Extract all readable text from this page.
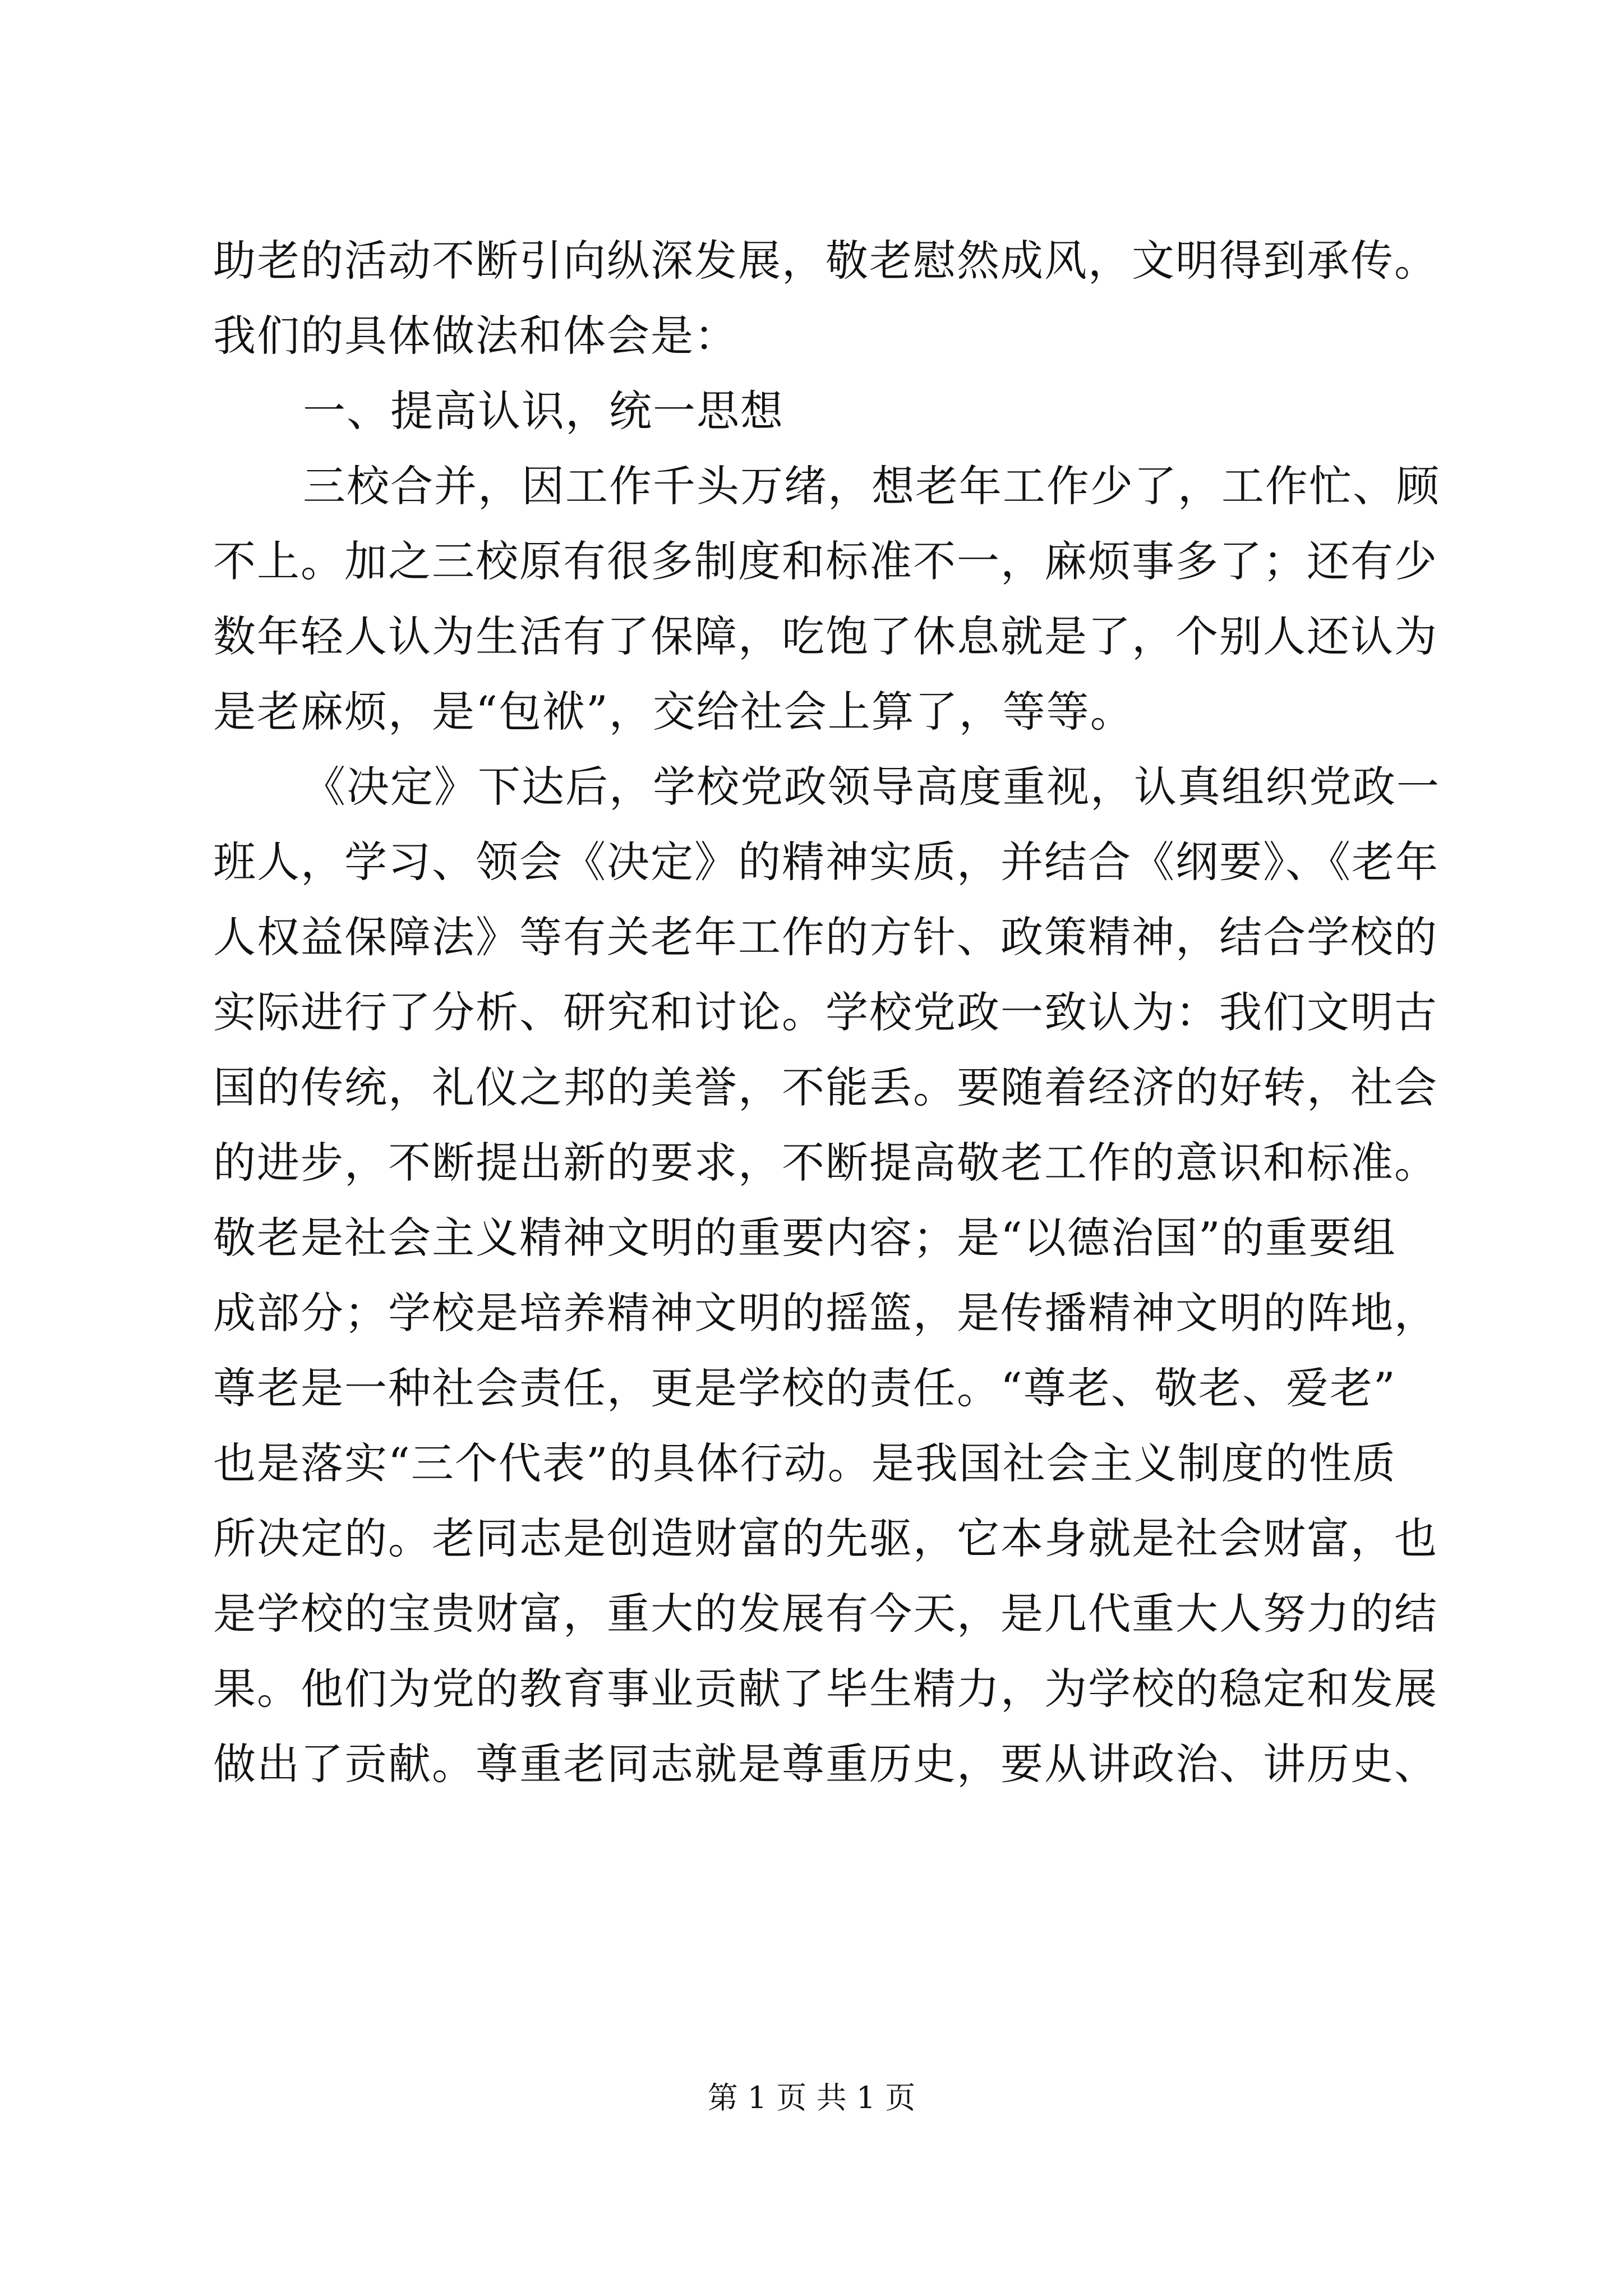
助老的活动不断引向纵深发展，敬老慰然成风，文明得到承传。
我们的具体做法和体会是：
一、提高认识，统一思想
三校合并，因工作千头万绪，想老年工作少了，工作忙、顾
不上。加之三校原有很多制度和标准不一，麻烦事多了；还有少
数年轻人认为生活有了保障，吃饱了休息就是了，个别人还认为
是老麻烦，是“包袱”，交给社会上算了，等等。
《决定》下达后，学校党政领导高度重视，认真组织党政一
班人，学习、领会《决定》的精神实质，并结合《纲要》、《老年
人权益保障法》等有关老年工作的方针、政策精神，结合学校的
实际进行了分析、研究和讨论。学校党政一致认为：我们文明古
国的传统，礼仪之邦的美誉，不能丢。要随着经济的好转，社会
的进步，不断提出新的要求，不断提高敬老工作的意识和标准。
敬老是社会主义精神文明的重要内容；是“以德治国”的重要组
成部分；学校是培养精神文明的摇篮，是传播精神文明的阵地，
尊老是一种社会责任，更是学校的责任。“尊老、敬老、爱老”
也是落实“三个代表”的具体行动。是我国社会主义制度的性质
所决定的。老同志是创造财富的先驱，它本身就是社会财富，也
是学校的宝贵财富，重大的发展有今天，是几代重大人努力的结
果。他们为党的教育事业贡献了毕生精力，为学校的稳定和发展
做出了贡献。尊重老同志就是尊重历史，要从讲政治、讲历史、
第 1 页 共 1 页
